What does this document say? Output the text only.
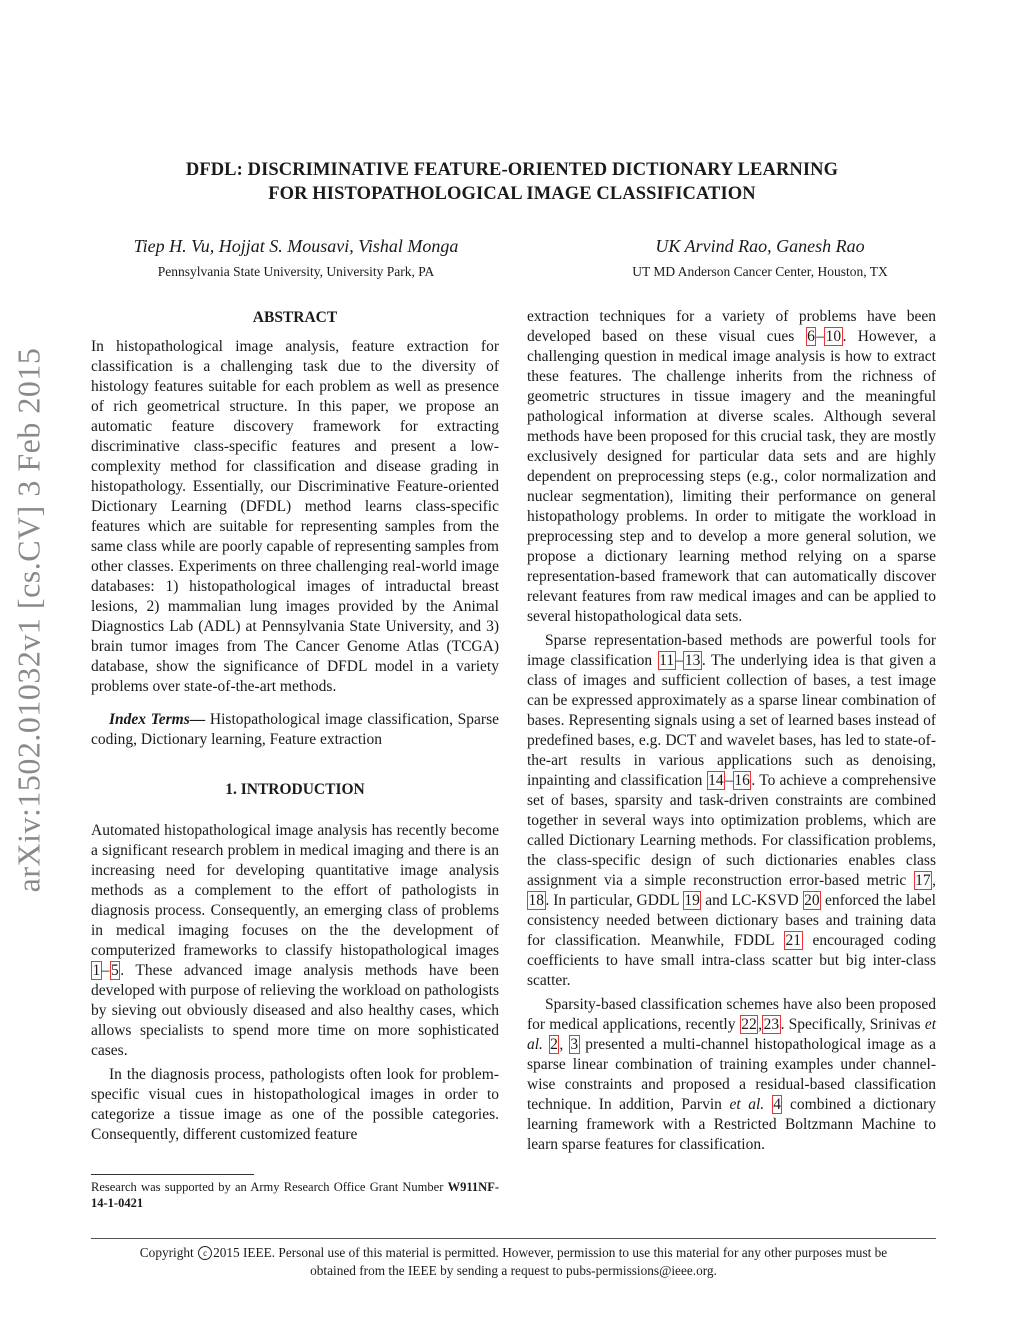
arXiv:1502.01032v1 [cs.CV] 3 Feb 2015
DFDL: DISCRIMINATIVE FEATURE-ORIENTED DICTIONARY LEARNING
FOR HISTOPATHOLOGICAL IMAGE CLASSIFICATION
Tiep H. Vu, Hojjat S. Mousavi, Vishal Monga
Pennsylvania State University, University Park, PA
UK Arvind Rao, Ganesh Rao
UT MD Anderson Cancer Center, Houston, TX
ABSTRACT

In histopathological image analysis, feature extraction for classification is a challenging task due to the diversity of histology features suitable for each problem as well as presence of rich geometrical structure. In this paper, we propose an automatic feature discovery framework for extracting discriminative class-specific features and present a low-complexity method for classification and disease grading in histopathology. Essentially, our Discriminative Feature-oriented Dictionary Learning (DFDL) method learns class-specific features which are suitable for representing samples from the same class while are poorly capable of representing samples from other classes. Experiments on three challenging real-world image databases: 1) histopathological images of intraductal breast lesions, 2) mammalian lung images provided by the Animal Diagnostics Lab (ADL) at Pennsylvania State University, and 3) brain tumor images from The Cancer Genome Atlas (TCGA) database, show the significance of DFDL model in a variety problems over state-of-the-art methods.

Index Terms— Histopathological image classification, Sparse coding, Dictionary learning, Feature extraction

1. INTRODUCTION

Automated histopathological image analysis has recently become a significant research problem in medical imaging and there is an increasing need for developing quantitative image analysis methods as a complement to the effort of pathologists in diagnosis process. Consequently, an emerging class of problems in medical imaging focuses on the the development of computerized frameworks to classify histopathological images 1–5. These advanced image analysis methods have been developed with purpose of relieving the workload on pathologists by sieving out obviously diseased and also healthy cases, which allows specialists to spend more time on more sophisticated cases.

In the diagnosis process, pathologists often look for problem-specific visual cues in histopathological images in order to categorize a tissue image as one of the possible categories. Consequently, different customized feature

Research was supported by an Army Research Office Grant Number W911NF-14-1-0421

extraction techniques for a variety of problems have been developed based on these visual cues 6–10. However, a challenging question in medical image analysis is how to extract these features. The challenge inherits from the richness of geometric structures in tissue imagery and the meaningful pathological information at diverse scales. Although several methods have been proposed for this crucial task, they are mostly exclusively designed for particular data sets and are highly dependent on preprocessing steps (e.g., color normalization and nuclear segmentation), limiting their performance on general histopathology problems. In order to mitigate the workload in preprocessing step and to develop a more general solution, we propose a dictionary learning method relying on a sparse representation-based framework that can automatically discover relevant features from raw medical images and can be applied to several histopathological data sets.

Sparse representation-based methods are powerful tools for image classification 11–13. The underlying idea is that given a class of images and sufficient collection of bases, a test image can be expressed approximately as a sparse linear combination of bases. Representing signals using a set of learned bases instead of predefined bases, e.g. DCT and wavelet bases, has led to state-of-the-art results in various applications such as denoising, inpainting and classification 14–16. To achieve a comprehensive set of bases, sparsity and task-driven constraints are combined together in several ways into optimization problems, which are called Dictionary Learning methods. For classification problems, the class-specific design of such dictionaries enables class assignment via a simple reconstruction error-based metric 17, 18. In particular, GDDL 19 and LC-KSVD 20 enforced the label consistency needed between dictionary bases and training data for classification. Meanwhile, FDDL 21 encouraged coding coefficients to have small intra-class scatter but big inter-class scatter.

Sparsity-based classification schemes have also been proposed for medical applications, recently 22,23. Specifically, Srinivas et al. 2, 3 presented a multi-channel histopathological image as a sparse linear combination of training examples under channel-wise constraints and proposed a residual-based classification technique. In addition, Parvin et al. 4 combined a dictionary learning framework with a Restricted Boltzmann Machine to learn sparse features for classification.

Copyright c 2015 IEEE. Personal use of this material is permitted. However, permission to use this material for any other purposes must be
obtained from the IEEE by sending a request to pubs-permissions@ieee.org.
